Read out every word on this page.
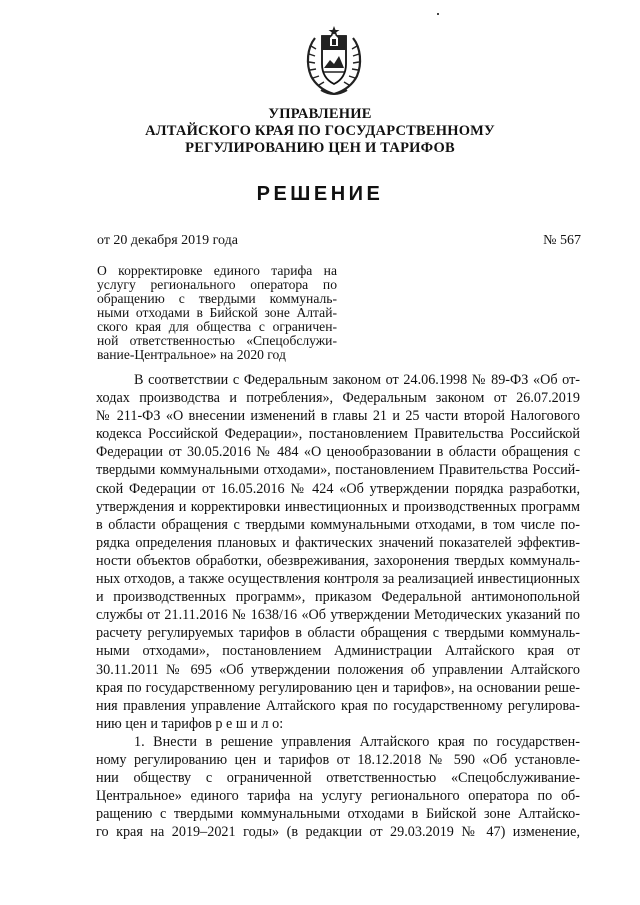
УПРАВЛЕНИЕ
АЛТАЙСКОГО КРАЯ ПО ГОСУДАРСТВЕННОМУ
РЕГУЛИРОВАНИЮ ЦЕН И ТАРИФОВ
РЕШЕНИЕ
от 20 декабря 2019 года	№ 567
О корректировке единого тарифа на
услугу регионального оператора по
обращению с твердыми коммуналь-
ными отходами в Бийской зоне Алтай-
ского края для общества с ограничен-
ной ответственностью «Спецобслужи-
вание-Центральное» на 2020 год
В соответствии с Федеральным законом от 24.06.1998 № 89-ФЗ «Об от-
ходах производства и потребления», Федеральным законом от 26.07.2019
№ 211-ФЗ «О внесении изменений в главы 21 и 25 части второй Налогового
кодекса Российской Федерации», постановлением Правительства Российской
Федерации от 30.05.2016 № 484 «О ценообразовании в области обращения с
твердыми коммунальными отходами», постановлением Правительства Россий-
ской Федерации от 16.05.2016 № 424 «Об утверждении порядка разработки,
утверждения и корректировки инвестиционных и производственных программ
в области обращения с твердыми коммунальными отходами, в том числе по-
рядка определения плановых и фактических значений показателей эффектив-
ности объектов обработки, обезвреживания, захоронения твердых коммуналь-
ных отходов, а также осуществления контроля за реализацией инвестиционных
и производственных программ», приказом Федеральной антимонопольной
службы от 21.11.2016 № 1638/16 «Об утверждении Методических указаний по
расчету регулируемых тарифов в области обращения с твердыми коммуналь-
ными отходами», постановлением Администрации Алтайского края от
30.11.2011 № 695 «Об утверждении положения об управлении Алтайского
края по государственному регулированию цен и тарифов», на основании реше-
ния правления управление Алтайского края по государственному регулирова-
нию цен и тарифов р е ш и л о:
1. Внести в решение управления Алтайского края по государствен-
ному регулированию цен и тарифов от 18.12.2018 № 590 «Об установле-
нии обществу с ограниченной ответственностью «Спецобслуживание-
Центральное» единого тарифа на услугу регионального оператора по об-
ращению с твердыми коммунальными отходами в Бийской зоне Алтайско-
го края на 2019–2021 годы» (в редакции от 29.03.2019 № 47) изменение,
